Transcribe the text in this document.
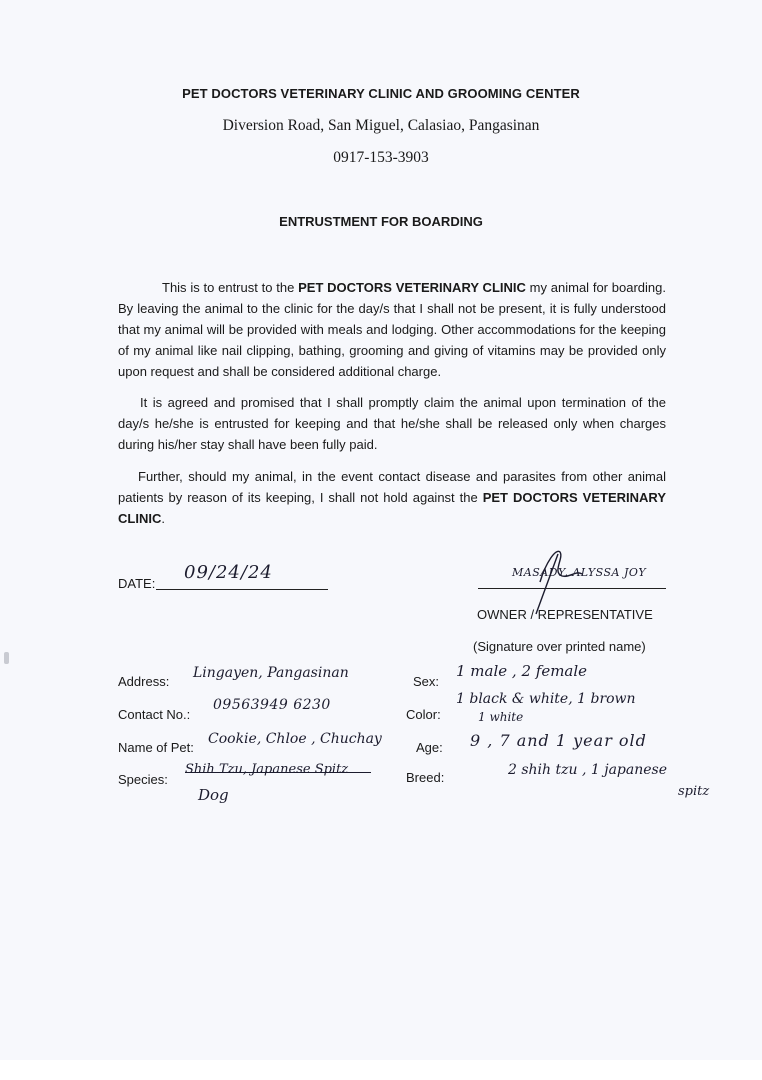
PET DOCTORS VETERINARY CLINIC AND GROOMING CENTER
Diversion Road, San Miguel, Calasiao, Pangasinan
0917-153-3903
ENTRUSTMENT FOR BOARDING
This is to entrust to the PET DOCTORS VETERINARY CLINIC my animal for boarding. By leaving the animal to the clinic for the day/s that I shall not be present, it is fully understood that my animal will be provided with meals and lodging. Other accommodations for the keeping of my animal like nail clipping, bathing, grooming and giving of vitamins may be provided only upon request and shall be considered additional charge.
It is agreed and promised that I shall promptly claim the animal upon termination of the day/s he/she is entrusted for keeping and that he/she shall be released only when charges during his/her stay shall have been fully paid.
Further, should my animal, in the event contact disease and parasites from other animal patients by reason of its keeping, I shall not hold against the PET DOCTORS VETERINARY CLINIC.
DATE:
09/24/24	MASADY, ALYSSA JOY
OWNER / REPRESENTATIVE
(Signature over printed name)
Address:
Lingayen, Pangasinan
Contact No.:
09563949 6230
Name of Pet:
Cookie, Chloe , Chuchay
Species:
Shih Tzu, Japanese Spitz
Dog
Sex:
1 male , 2 female
Color:
1 black & white, 1 brown
1 white
Age: 9 , 7 and 1 year old
Breed:	2 shih tzu , 1 japanese
spitz
